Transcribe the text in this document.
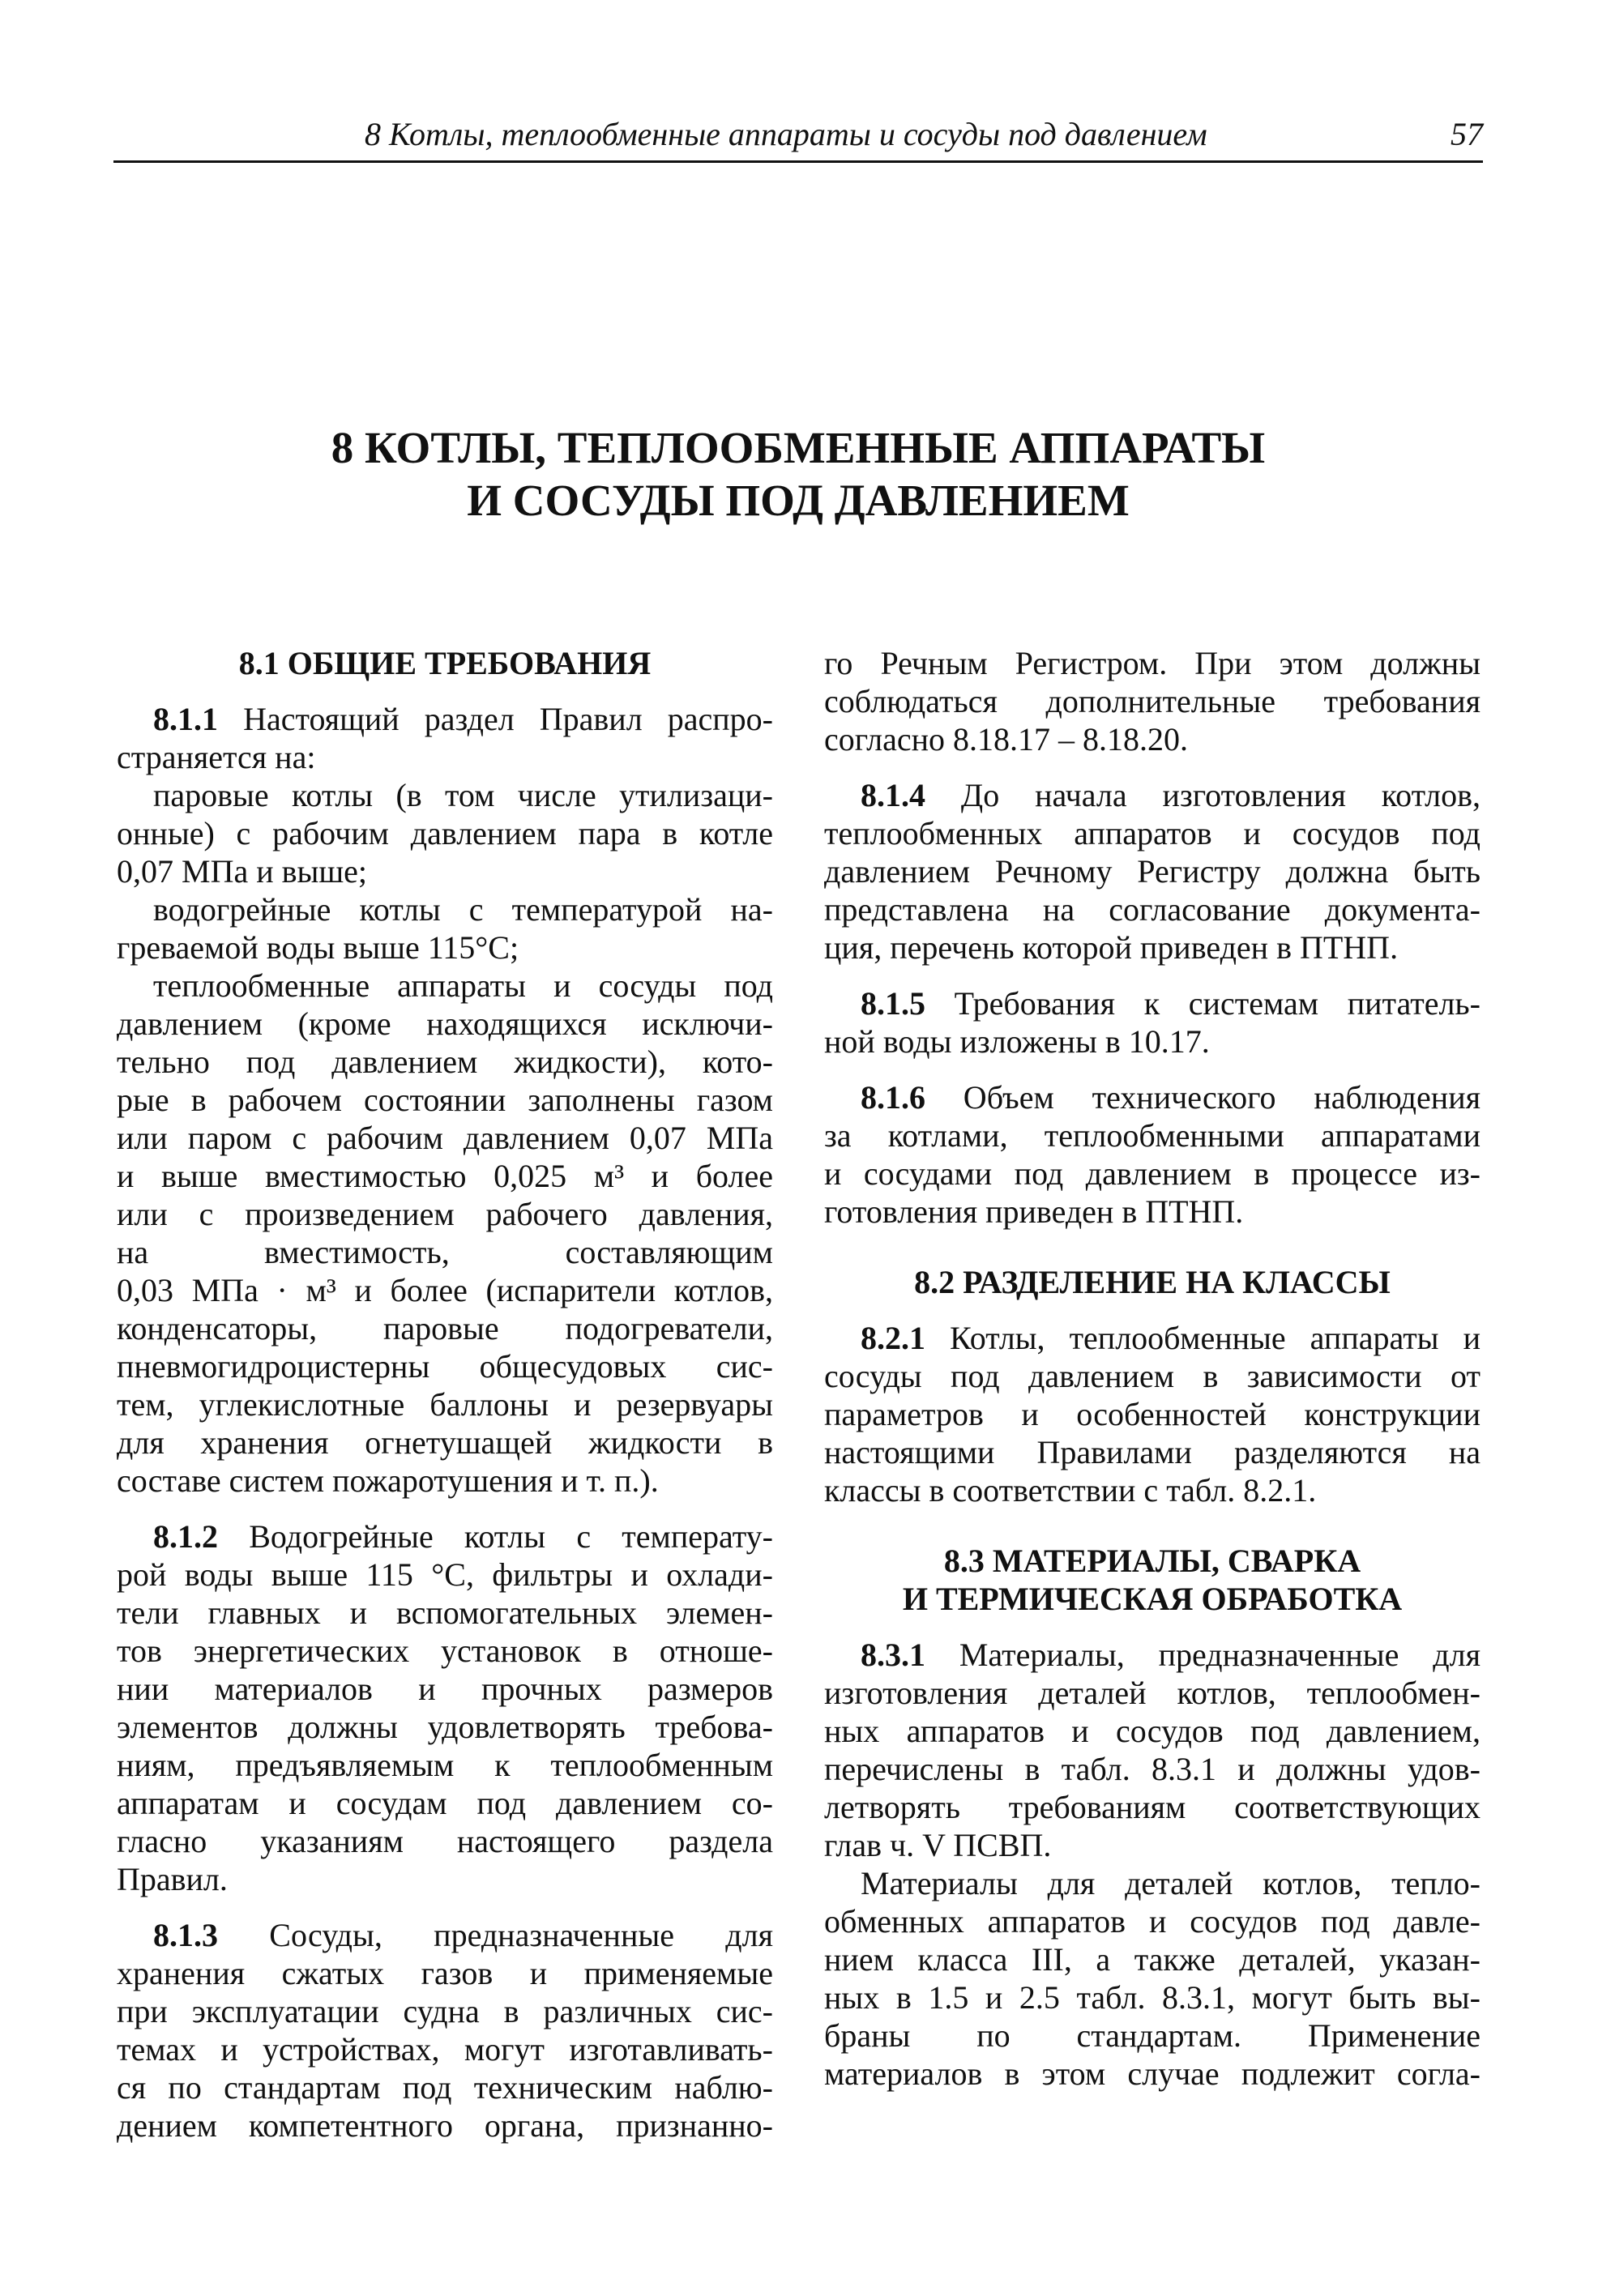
8 Котлы, теплообменные аппараты и сосуды под давлением	57
8 КОТЛЫ, ТЕПЛООБМЕННЫЕ АППАРАТЫ
И СОСУДЫ ПОД ДАВЛЕНИЕМ
8.1 ОБЩИЕ ТРЕБОВАНИЯ
8.1.1 Настоящий раздел Правил распро-
страняется на:
паровые котлы (в том числе утилизаци-
онные) с рабочим давлением пара в котле
0,07 МПа и выше;
водогрейные котлы с температурой на-
греваемой воды выше 115°C;
теплообменные аппараты и сосуды под
давлением (кроме находящихся исключи-
тельно под давлением жидкости), кото-
рые в рабочем состоянии заполнены газом
или паром с рабочим давлением 0,07 МПа
и выше вместимостью 0,025 м³ и более
или с произведением рабочего давления,
на вместимость, составляющим
0,03 МПа · м³ и более (испарители котлов,
конденсаторы, паровые подогреватели,
пневмогидроцистерны общесудовых сис-
тем, углекислотные баллоны и резервуары
для хранения огнетушащей жидкости в
составе систем пожаротушения и т. п.).
8.1.2 Водогрейные котлы с температу-
рой воды выше 115 °C, фильтры и охлади-
тели главных и вспомогательных элемен-
тов энергетических установок в отноше-
нии материалов и прочных размеров
элементов должны удовлетворять требова-
ниям, предъявляемым к теплообменным
аппаратам и сосудам под давлением со-
гласно указаниям настоящего раздела
Правил.
8.1.3 Сосуды, предназначенные для
хранения сжатых газов и применяемые
при эксплуатации судна в различных сис-
темах и устройствах, могут изготавливать-
ся по стандартам под техническим наблю-
дением компетентного органа, признанно-
го Речным Регистром. При этом должны
соблюдаться дополнительные требования
согласно 8.18.17 – 8.18.20.
8.1.4 До начала изготовления котлов,
теплообменных аппаратов и сосудов под
давлением Речному Регистру должна быть
представлена на согласование документа-
ция, перечень которой приведен в ПТНП.
8.1.5 Требования к системам питатель-
ной воды изложены в 10.17.
8.1.6 Объем технического наблюдения
за котлами, теплообменными аппаратами
и сосудами под давлением в процессе из-
готовления приведен в ПТНП.
8.2 РАЗДЕЛЕНИЕ НА КЛАССЫ
8.2.1 Котлы, теплообменные аппараты и
сосуды под давлением в зависимости от
параметров и особенностей конструкции
настоящими Правилами разделяются на
классы в соответствии с табл. 8.2.1.
8.3 МАТЕРИАЛЫ, СВАРКА
И ТЕРМИЧЕСКАЯ ОБРАБОТКА
8.3.1 Материалы, предназначенные для
изготовления деталей котлов, теплообмен-
ных аппаратов и сосудов под давлением,
перечислены в табл. 8.3.1 и должны удов-
летворять требованиям соответствующих
глав ч. V ПСВП.
Материалы для деталей котлов, тепло-
обменных аппаратов и сосудов под давле-
нием класса III, а также деталей, указан-
ных в 1.5 и 2.5 табл. 8.3.1, могут быть вы-
браны по стандартам. Применение
материалов в этом случае подлежит согла-
